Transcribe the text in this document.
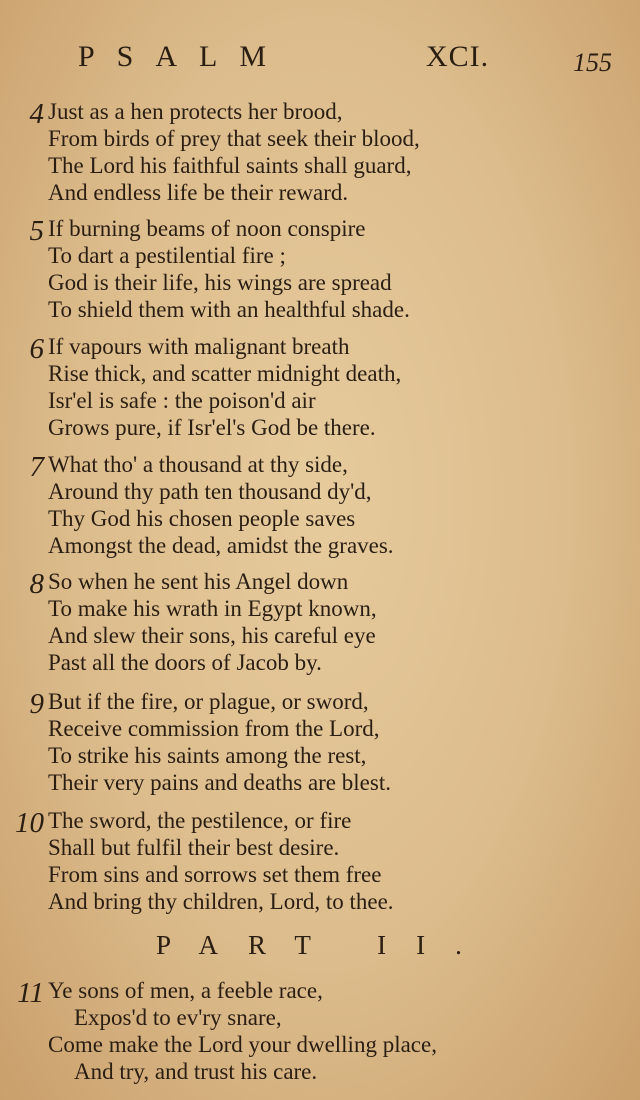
PSALM	XCI.	155
4 Just as a hen protects her brood,
From birds of prey that seek their blood,
The Lord his faithful saints shall guard,
And endless life be their reward.
5 If burning beams of noon conspire
To dart a pestilential fire ;
God is their life, his wings are spread
To shield them with an healthful shade.
6 If vapours with malignant breath
Rise thick, and scatter midnight death,
Isr'el is safe : the poison'd air
Grows pure, if Isr'el's God be there.
7 What tho' a thousand at thy side,
Around thy path ten thousand dy'd,
Thy God his chosen people saves
Amongst the dead, amidst the graves.
8 So when he sent his Angel down
To make his wrath in Egypt known,
And slew their sons, his careful eye
Past all the doors of Jacob by.
9 But if the fire, or plague, or sword,
Receive commission from the Lord,
To strike his saints among the rest,
Their very pains and deaths are blest.
10 The sword, the pestilence, or fire
Shall but fulfil their best desire.
From sins and sorrows set them free
And bring thy children, Lord, to thee.
PART II.
11 Ye sons of men, a feeble race,
Expos'd to ev'ry snare,
Come make the Lord your dwelling place,
And try, and trust his care.
